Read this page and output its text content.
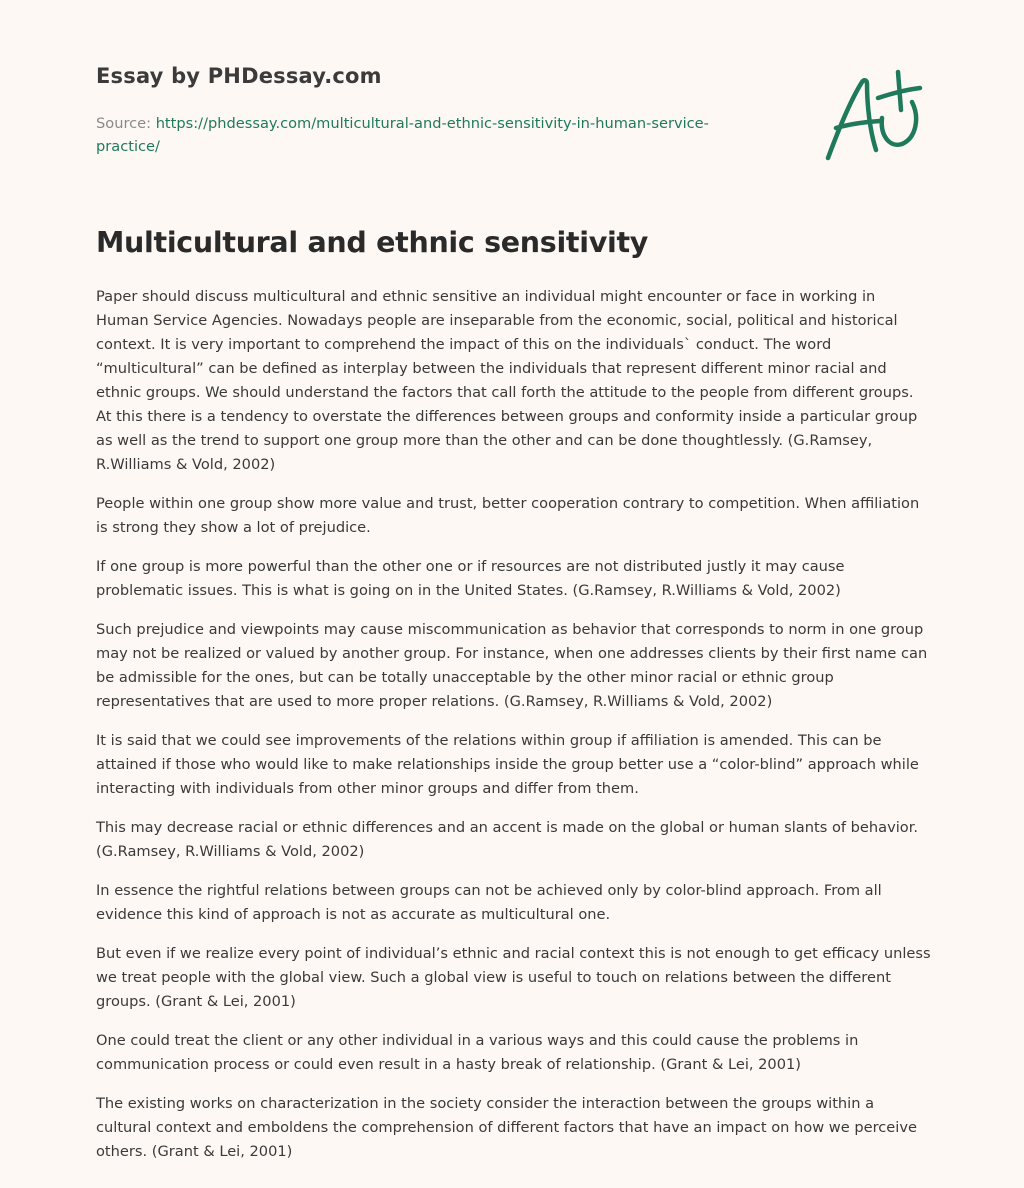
Essay by PHDessay.com
Source: https://phdessay.com/multicultural-and-ethnic-sensitivity-in-human-service-practice/
Multicultural and ethnic sensitivity

Paper should discuss multicultural and ethnic sensitive an individual might encounter or face in working in Human Service Agencies. Nowadays people are inseparable from the economic, social, political and historical context. It is very important to comprehend the impact of this on the individuals` conduct. The word “multicultural” can be defined as interplay between the individuals that represent different minor racial and ethnic groups. We should understand the factors that call forth the attitude to the people from different groups. At this there is a tendency to overstate the differences between groups and conformity inside a particular group as well as the trend to support one group more than the other and can be done thoughtlessly. (G.Ramsey, R.Williams & Vold, 2002)

People within one group show more value and trust, better cooperation contrary to competition. When affiliation is strong they show a lot of prejudice.

If one group is more powerful than the other one or if resources are not distributed justly it may cause problematic issues. This is what is going on in the United States. (G.Ramsey, R.Williams & Vold, 2002)

Such prejudice and viewpoints may cause miscommunication as behavior that corresponds to norm in one group may not be realized or valued by another group. For instance, when one addresses clients by their first name can be admissible for the ones, but can be totally unacceptable by the other minor racial or ethnic group representatives that are used to more proper relations. (G.Ramsey, R.Williams & Vold, 2002)

It is said that we could see improvements of the relations within group if affiliation is amended. This can be attained if those who would like to make relationships inside the group better use a “color-blind” approach while interacting with individuals from other minor groups and differ from them.

This may decrease racial or ethnic differences and an accent is made on the global or human slants of behavior. (G.Ramsey, R.Williams & Vold, 2002)

In essence the rightful relations between groups can not be achieved only by color-blind approach. From all evidence this kind of approach is not as accurate as multicultural one.

But even if we realize every point of individual’s ethnic and racial context this is not enough to get efficacy unless we treat people with the global view. Such a global view is useful to touch on relations between the different groups. (Grant & Lei, 2001)

One could treat the client or any other individual in a various ways and this could cause the problems in communication process or could even result in a hasty break of relationship. (Grant & Lei, 2001)

The existing works on characterization in the society consider the interaction between the groups within a cultural context and emboldens the comprehension of different factors that have an impact on how we perceive others. (Grant & Lei, 2001)
